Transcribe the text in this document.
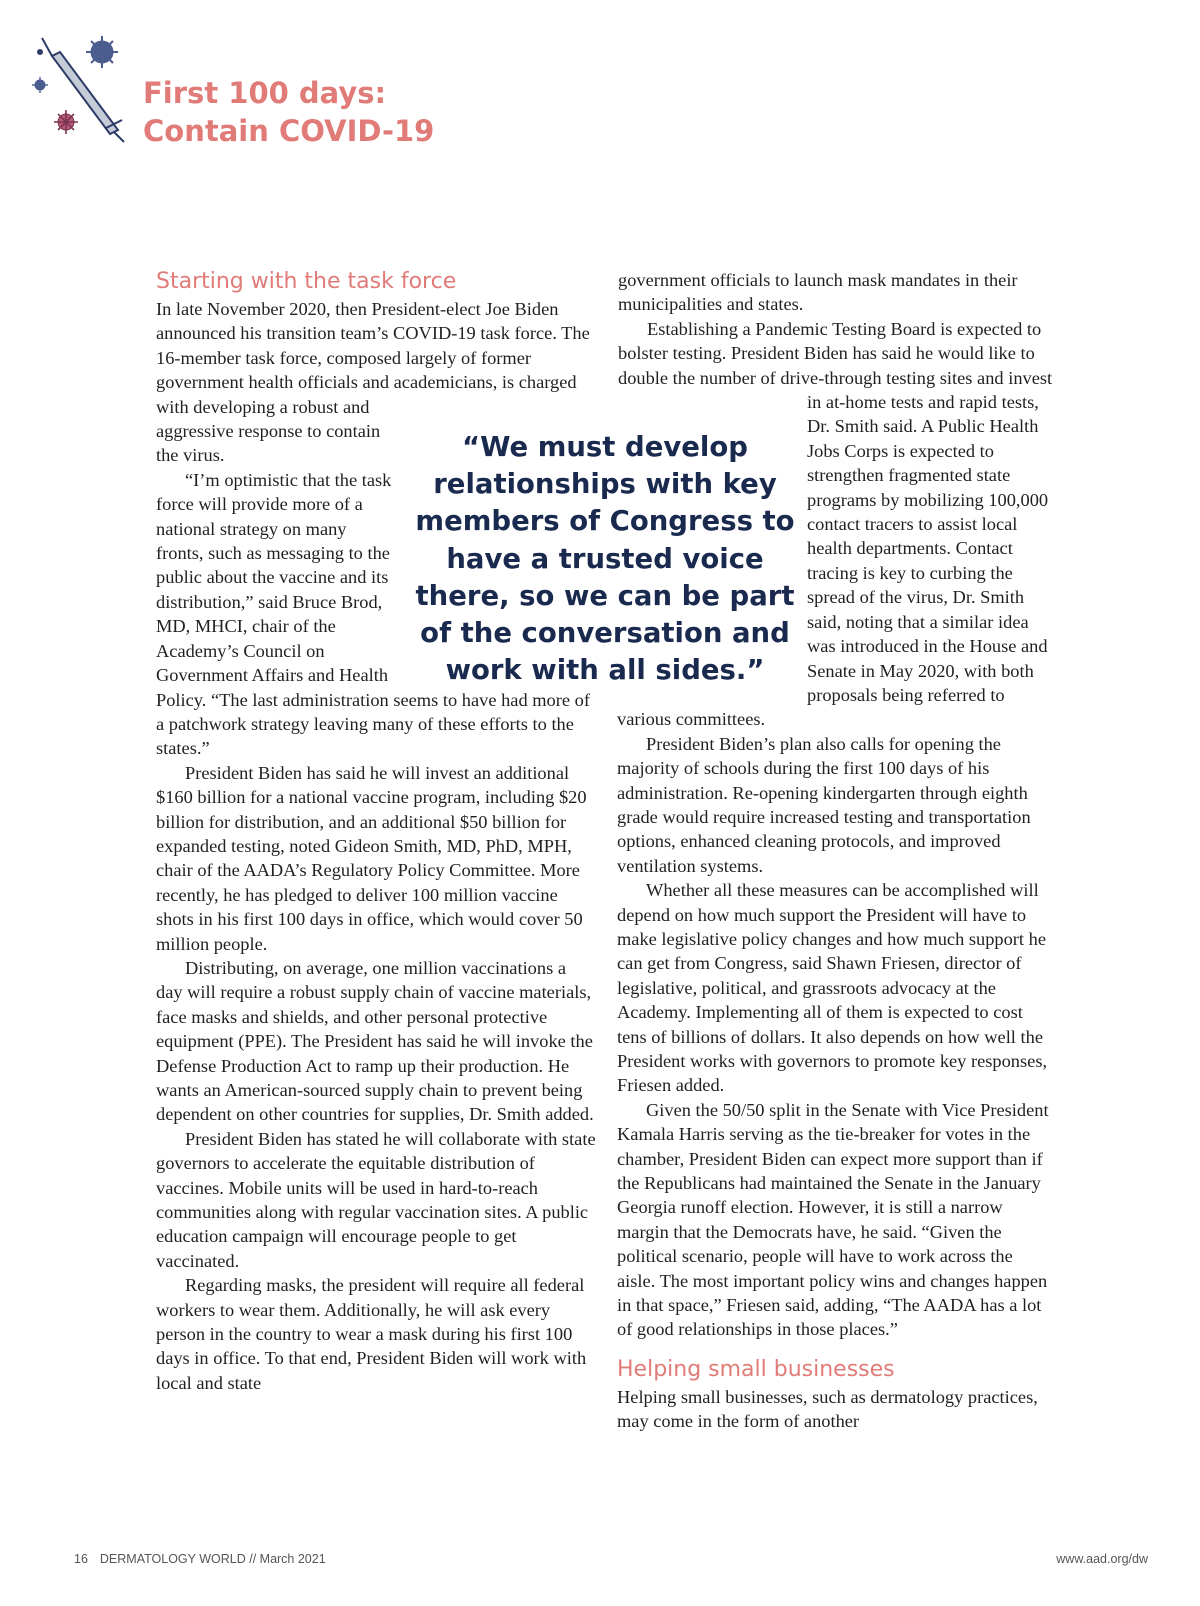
First 100 days:
Contain COVID-19
Starting with the task force

In late November 2020, then President-elect Joe Biden announced his transition team’s COVID-19 task force. The 16-member task force, composed largely of former government health officials and academicians, is charged with developing a robust and aggressive response to contain the virus.

“I’m optimistic that the task force will provide more of a national strategy on many fronts, such as messaging to the public about the vaccine and its distribution,” said Bruce Brod, MD, MHCI, chair of the Academy’s Council on Government Affairs and Health Policy. “The last administration seems to have had more of a patchwork strategy leaving many of these efforts to the states.”

President Biden has said he will invest an additional $160 billion for a national vaccine program, including $20 billion for distribution, and an additional $50 billion for expanded testing, noted Gideon Smith, MD, PhD, MPH, chair of the AADA’s Regulatory Policy Committee. More recently, he has pledged to deliver 100 million vaccine shots in his first 100 days in office, which would cover 50 million people.

Distributing, on average, one million vaccinations a day will require a robust supply chain of vaccine materials, face masks and shields, and other personal protective equipment (PPE). The President has said he will invoke the Defense Production Act to ramp up their production. He wants an American-sourced supply chain to prevent being dependent on other countries for supplies, Dr. Smith added.

President Biden has stated he will collaborate with state governors to accelerate the equitable distribution of vaccines. Mobile units will be used in hard-to-reach communities along with regular vaccination sites. A public education campaign will encourage people to get vaccinated.

Regarding masks, the president will require all federal workers to wear them. Additionally, he will ask every person in the country to wear a mask during his first 100 days in office. To that end, President Biden will work with local and state

government officials to launch mask mandates in their municipalities and states.

Establishing a Pandemic Testing Board is expected to bolster testing. President Biden has said he would like to double the number of drive-through testing sites and invest in at-home tests and rapid tests, Dr. Smith said. A Public Health Jobs Corps is expected to strengthen fragmented state programs by mobilizing 100,000 contact tracers to assist local health departments. Contact tracing is key to curbing the spread of the virus, Dr. Smith said, noting that a similar idea was introduced in the House and Senate in May 2020, with both proposals being referred to various committees.

President Biden’s plan also calls for opening the majority of schools during the first 100 days of his administration. Re-opening kindergarten through eighth grade would require increased testing and transportation options, enhanced cleaning protocols, and improved ventilation systems.

Whether all these measures can be accomplished will depend on how much support the President will have to make legislative policy changes and how much support he can get from Congress, said Shawn Friesen, director of legislative, political, and grassroots advocacy at the Academy. Implementing all of them is expected to cost tens of billions of dollars. It also depends on how well the President works with governors to promote key responses, Friesen added.

Given the 50/50 split in the Senate with Vice President Kamala Harris serving as the tie-breaker for votes in the chamber, President Biden can expect more support than if the Republicans had maintained the Senate in the January Georgia runoff election. However, it is still a narrow margin that the Democrats have, he said. “Given the political scenario, people will have to work across the aisle. The most important policy wins and changes happen in that space,” Friesen said, adding, “The AADA has a lot of good relationships in those places.”

Helping small businesses

Helping small businesses, such as dermatology practices, may come in the form of another

“We must develop relationships with key members of Congress to have a trusted voice there, so we can be part of the conversation and work with all sides.”

16 DERMATOLOGY WORLD // March 2021	www.aad.org/dw
